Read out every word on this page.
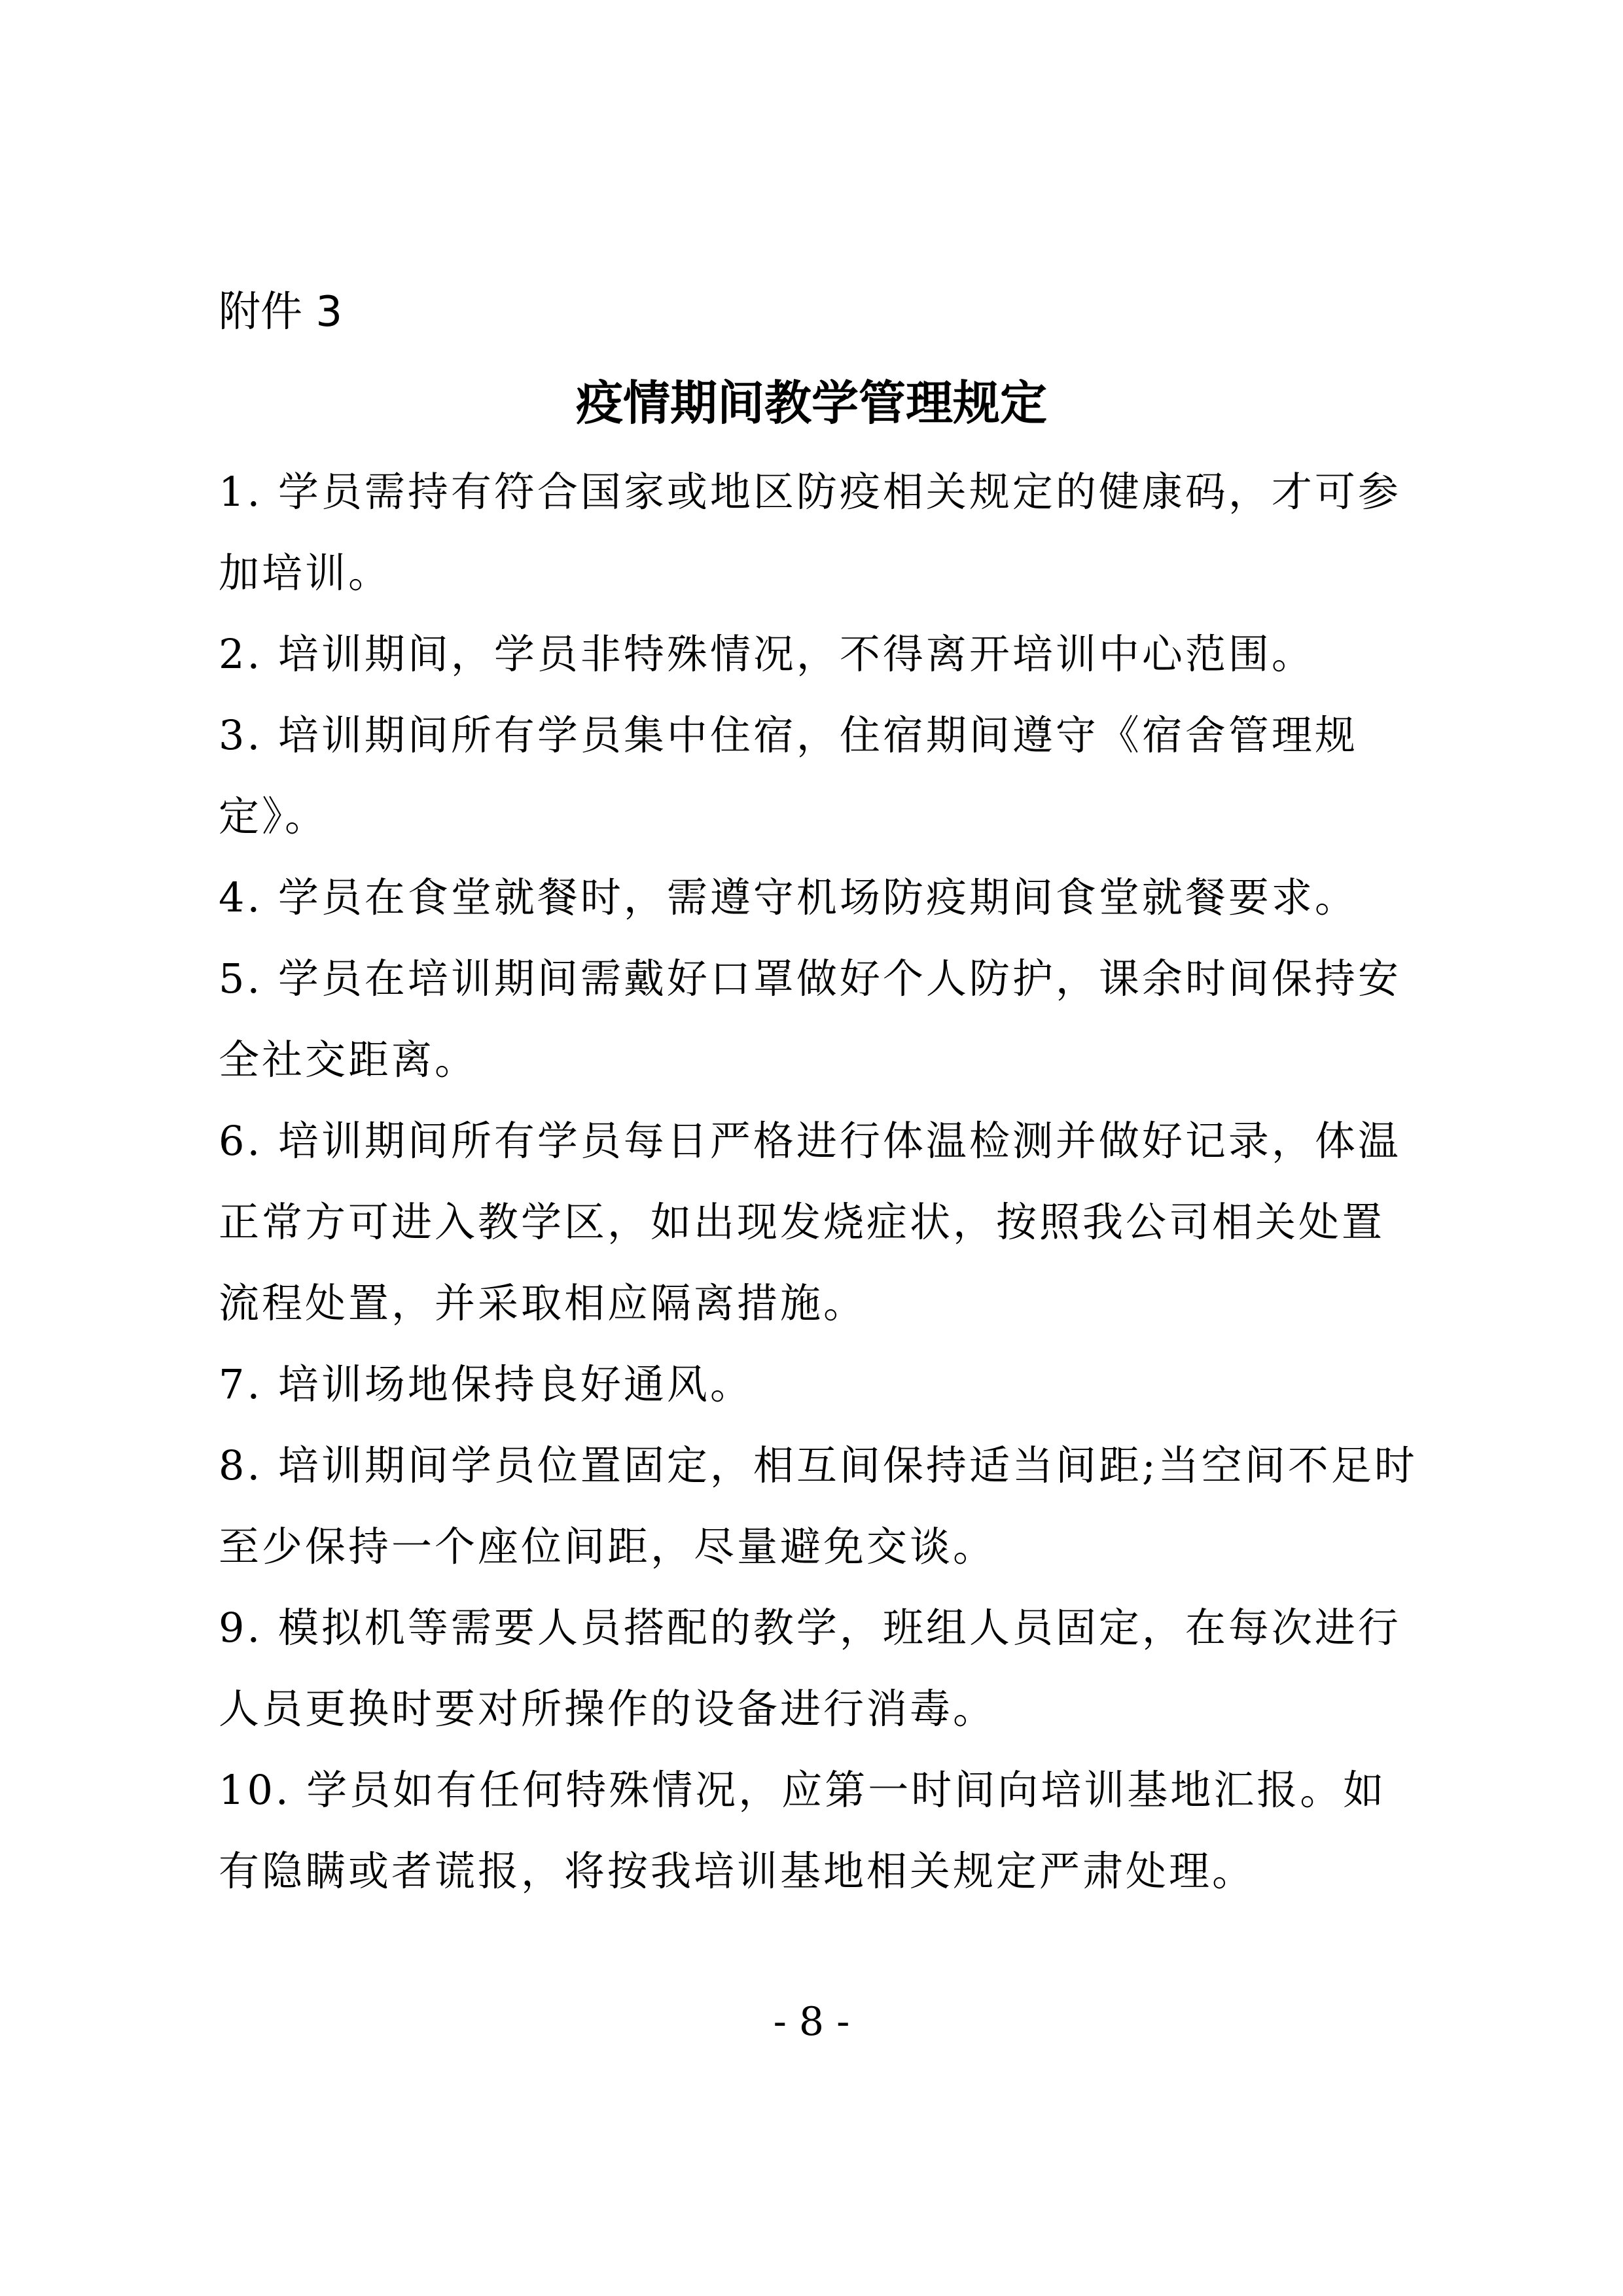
附件 3
疫情期间教学管理规定

1. 学员需持有符合国家或地区防疫相关规定的健康码，才可参加培训。

2. 培训期间，学员非特殊情况，不得离开培训中心范围。

3. 培训期间所有学员集中住宿，住宿期间遵守《宿舍管理规定》。

4. 学员在食堂就餐时，需遵守机场防疫期间食堂就餐要求。

5. 学员在培训期间需戴好口罩做好个人防护，课余时间保持安全社交距离。

6. 培训期间所有学员每日严格进行体温检测并做好记录，体温正常方可进入教学区，如出现发烧症状，按照我公司相关处置流程处置，并采取相应隔离措施。

7. 培训场地保持良好通风。

8. 培训期间学员位置固定，相互间保持适当间距;当空间不足时至少保持一个座位间距，尽量避免交谈。

9. 模拟机等需要人员搭配的教学，班组人员固定，在每次进行人员更换时要对所操作的设备进行消毒。

10. 学员如有任何特殊情况，应第一时间向培训基地汇报。如有隐瞒或者谎报，将按我培训基地相关规定严肃处理。

- 8 -
